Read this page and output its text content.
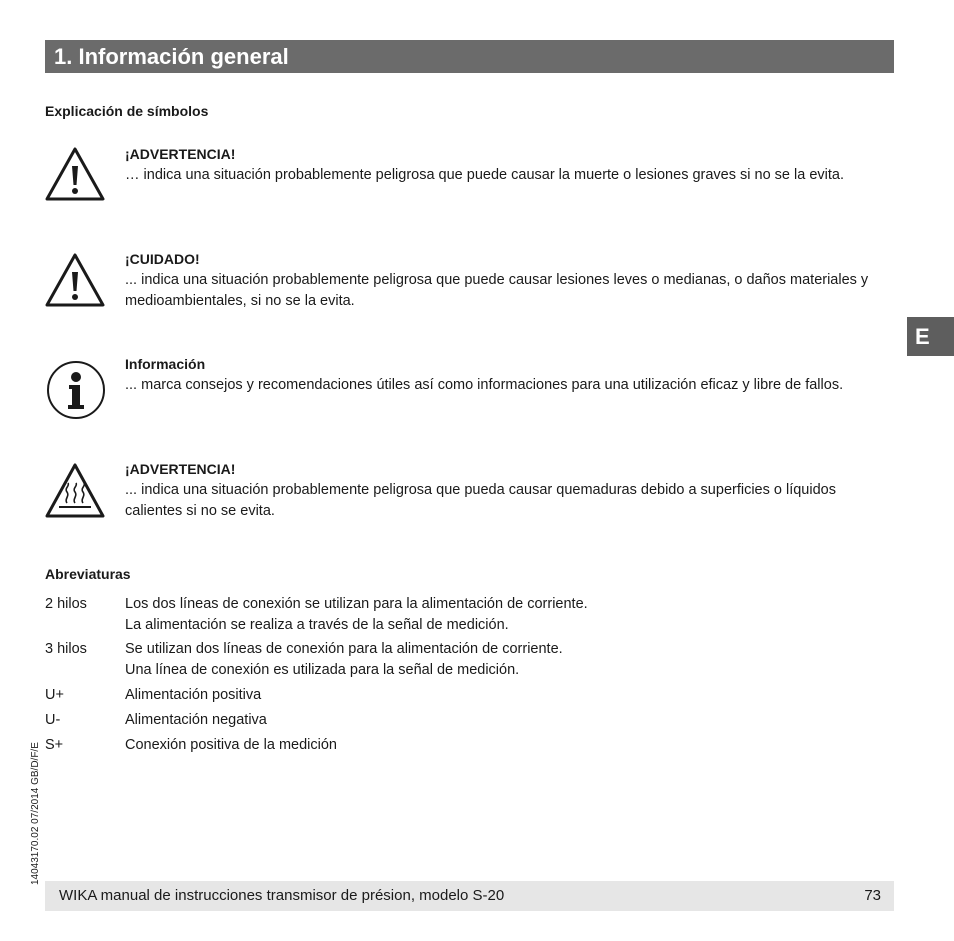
1. Información general
Explicación de símbolos
¡ADVERTENCIA!
… indica una situación probablemente peligrosa que puede causar la muerte o lesiones graves si no se la evita.
¡CUIDADO!
... indica una situación probablemente peligrosa que puede causar lesiones leves o medianas, o daños materiales y medioambientales, si no se la evita.
Información
... marca consejos y recomendaciones útiles así como informaciones para una utilización eficaz y libre de fallos.
¡ADVERTENCIA!
... indica una situación probablemente peligrosa que pueda causar quemaduras debido a superficies o líquidos calientes si no se evita.
Abreviaturas
2 hilos	Los dos líneas de conexión se utilizan para la alimentación de corriente.
La alimentación se realiza a través de la señal de medición.
3 hilos	Se utilizan dos líneas de conexión para la alimentación de corriente.
Una línea de conexión es utilizada para la señal de medición.
U+	Alimentación positiva
U-	Alimentación negativa
S+	Conexión positiva de la medición
E
14043170.02 07/2014 GB/D/F/E
WIKA manual de instrucciones transmisor de présion, modelo S-20	73
